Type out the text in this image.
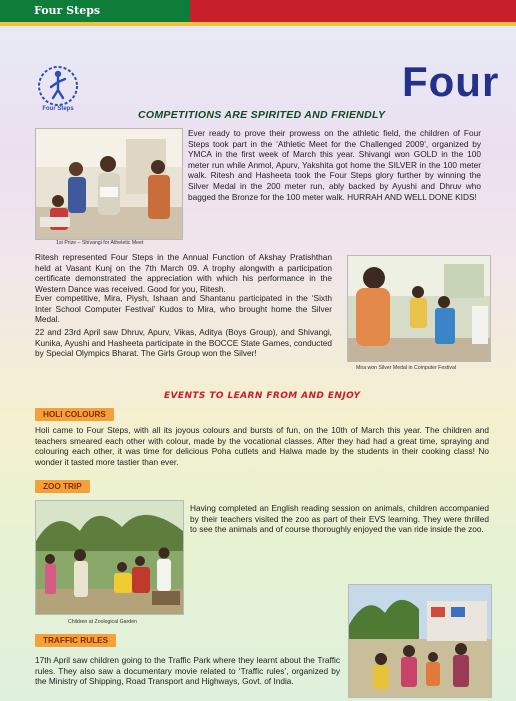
Four Steps
Four Steps
Four
COMPETITIONS ARE SPIRITED AND FRIENDLY
1st Prize – Shivangi for Atheletic Meet

Ever ready to prove their prowess on the athletic field, the children of Four Steps took part in the ‘Athletic Meet for the Challenged 2009’, organized by YMCA in the first week of March this year. Shivangi won GOLD in the 100 meter run while Anmol, Apurv, Yakshita got home the SILVER in the 100 meter walk. Ritesh and Hasheeta took the Four Steps glory further by winning the Silver Medal in the 200 meter run, ably backed by Ayushi and Dhruv who bagged the Bronze for the 100 meter walk. HURRAH AND WELL DONE KIDS!

Ritesh represented Four Steps in the Annual Function of Akshay Pratishthan held at Vasant Kunj on the 7th March 09. A trophy alongwith a participation certificate demonstrated the appreciation with which his performance in the Western Dance was received. Good for you, Ritesh.

Ever competitive, Mira, Piysh, Ishaan and Shantanu participated in the ‘Sixth Inter School Computer Festival’ Kudos to Mira, who brought home the Silver Medal.

22 and 23rd April saw Dhruv, Apurv, Vikas, Aditya (Boys Group), and Shivangi, Kunika, Ayushi and Hasheeta participate in the BOCCE State Games, conducted by Special Olympics Bharat. The Girls Group won the Silver!

Mira won Silver Medal in Computer Festival
EVENTS TO LEARN FROM AND ENJOY
HOLI COLOURS

Holi came to Four Steps, with all its joyous colours and bursts of fun, on the 10th of March this year. The children and teachers smeared each other with colour, made by the vocational classes. After they had had a great time, spraying and colouring each other, it was time for delicious Poha cutlets and Halwa made by the students in their cooking class! No wonder it tasted more tastier than ever.

ZOO TRIP
Children at Zoological Garden

Having completed an English reading session on animals, children accompanied by their teachers visited the zoo as part of their EVS learning. They were thrilled to see the animals and of course thoroughly enjoyed the van ride inside the zoo.

TRAFFIC RULES

17th April saw children going to the Traffic Park where they learnt about the Traffic rules. They also saw a documentary movie related to ‘Traffic rules’, organized by the Ministry of Shipping, Road Transport and Highways, Govt. of India.
